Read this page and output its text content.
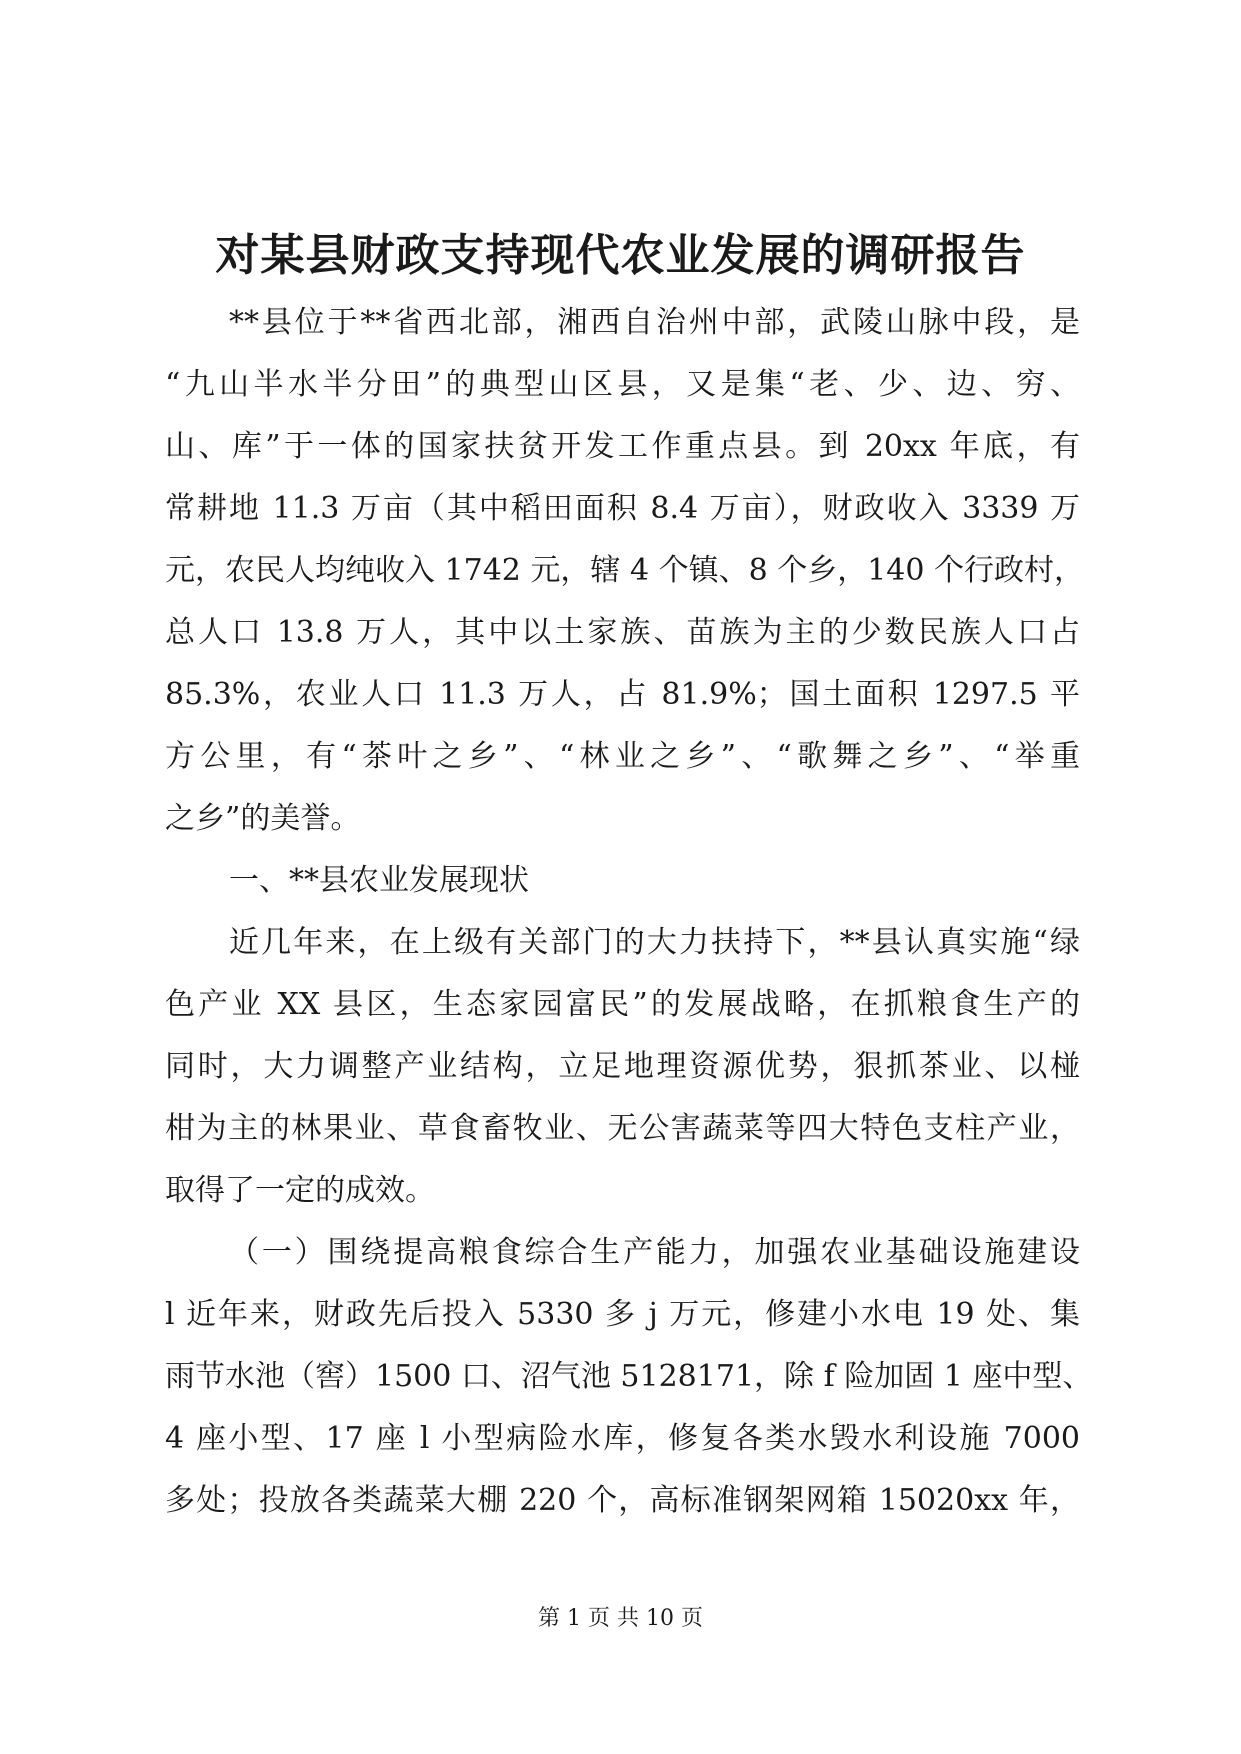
对某县财政支持现代农业发展的调研报告
**县位于**省西北部，湘西自治州中部，武陵山脉中段，是
“九山半水半分田”的典型山区县，又是集“老、少、边、穷、
山、库”于一体的国家扶贫开发工作重点县。到 20xx 年底，有
常耕地 11.3 万亩（其中稻田面积 8.4 万亩），财政收入 3339 万
元，农民人均纯收入 1742 元，辖 4 个镇、8 个乡，140 个行政村，
总人口 13.8 万人，其中以土家族、苗族为主的少数民族人口占
85.3%，农业人口 11.3 万人，占 81.9%；国土面积 1297.5 平
方公里，有“茶叶之乡”、“林业之乡”、“歌舞之乡”、“举重
之乡”的美誉。
一、**县农业发展现状
近几年来，在上级有关部门的大力扶持下，**县认真实施“绿
色产业 XX 县区，生态家园富民”的发展战略，在抓粮食生产的
同时，大力调整产业结构，立足地理资源优势，狠抓茶业、以椪
柑为主的林果业、草食畜牧业、无公害蔬菜等四大特色支柱产业，
取得了一定的成效。
（一）围绕提高粮食综合生产能力，加强农业基础设施建设
l 近年来，财政先后投入 5330 多 j 万元，修建小水电 19 处、集
雨节水池（窖）1500 口、沼气池 5128171，除 f 险加固 1 座中型、
4 座小型、17 座 l 小型病险水库，修复各类水毁水利设施 7000
多处；投放各类蔬菜大棚 220 个，高标准钢架网箱 15020xx 年，
第 1 页 共 10 页
